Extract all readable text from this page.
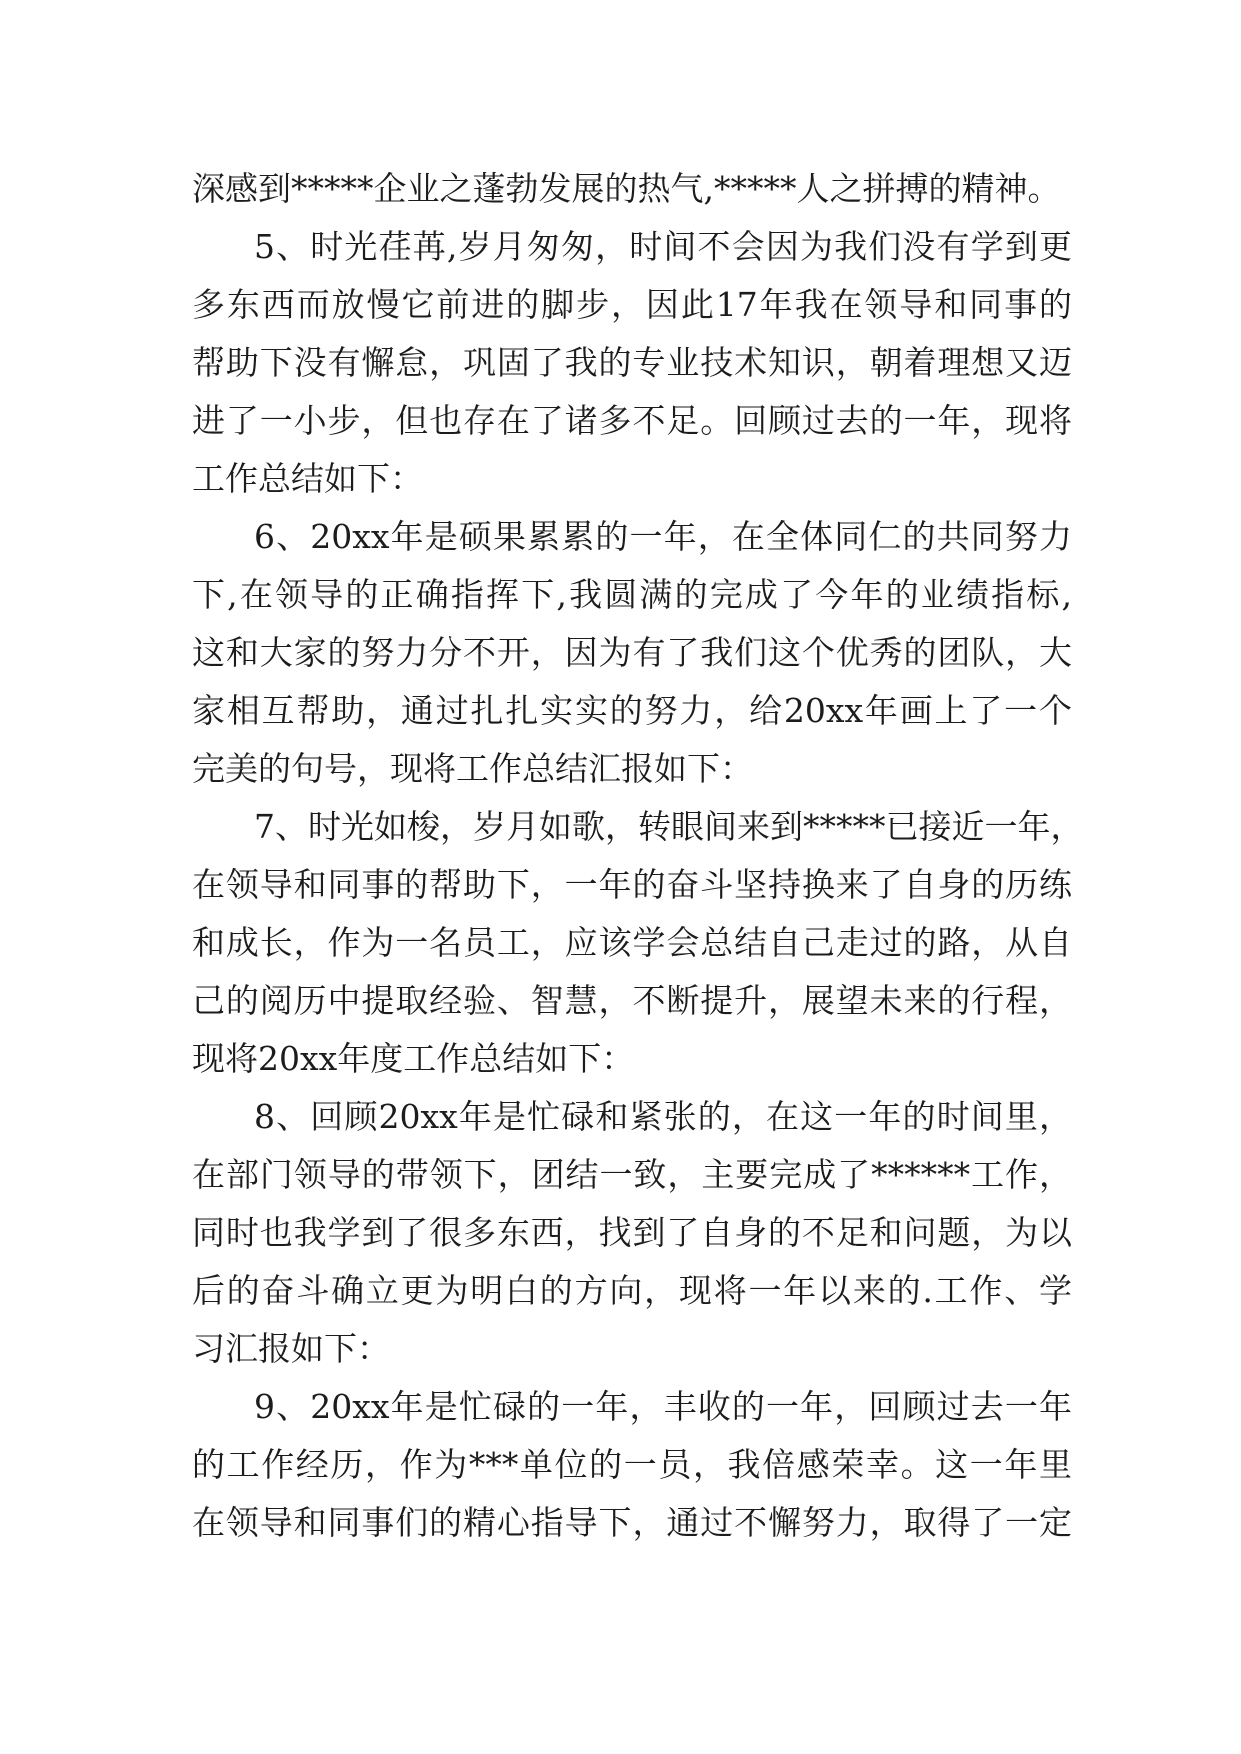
深感到*****企业之蓬勃发展的热气,*****人之拼搏的精神。
5、时光荏苒,岁月匆匆，时间不会因为我们没有学到更
多东西而放慢它前进的脚步，因此17年我在领导和同事的
帮助下没有懈怠，巩固了我的专业技术知识，朝着理想又迈
进了一小步，但也存在了诸多不足。回顾过去的一年，现将
工作总结如下：
6、20xx年是硕果累累的一年，在全体同仁的共同努力
下,在领导的正确指挥下,我圆满的完成了今年的业绩指标,
这和大家的努力分不开，因为有了我们这个优秀的团队，大
家相互帮助，通过扎扎实实的努力，给20xx年画上了一个
完美的句号，现将工作总结汇报如下：
7、时光如梭，岁月如歌，转眼间来到*****已接近一年，
在领导和同事的帮助下，一年的奋斗坚持换来了自身的历练
和成长，作为一名员工，应该学会总结自己走过的路，从自
己的阅历中提取经验、智慧，不断提升，展望未来的行程，
现将20xx年度工作总结如下：
8、回顾20xx年是忙碌和紧张的，在这一年的时间里，
在部门领导的带领下，团结一致，主要完成了******工作，
同时也我学到了很多东西，找到了自身的不足和问题，为以
后的奋斗确立更为明白的方向，现将一年以来的.工作、学
习汇报如下：
9、20xx年是忙碌的一年，丰收的一年，回顾过去一年
的工作经历，作为***单位的一员，我倍感荣幸。这一年里
在领导和同事们的精心指导下，通过不懈努力，取得了一定
